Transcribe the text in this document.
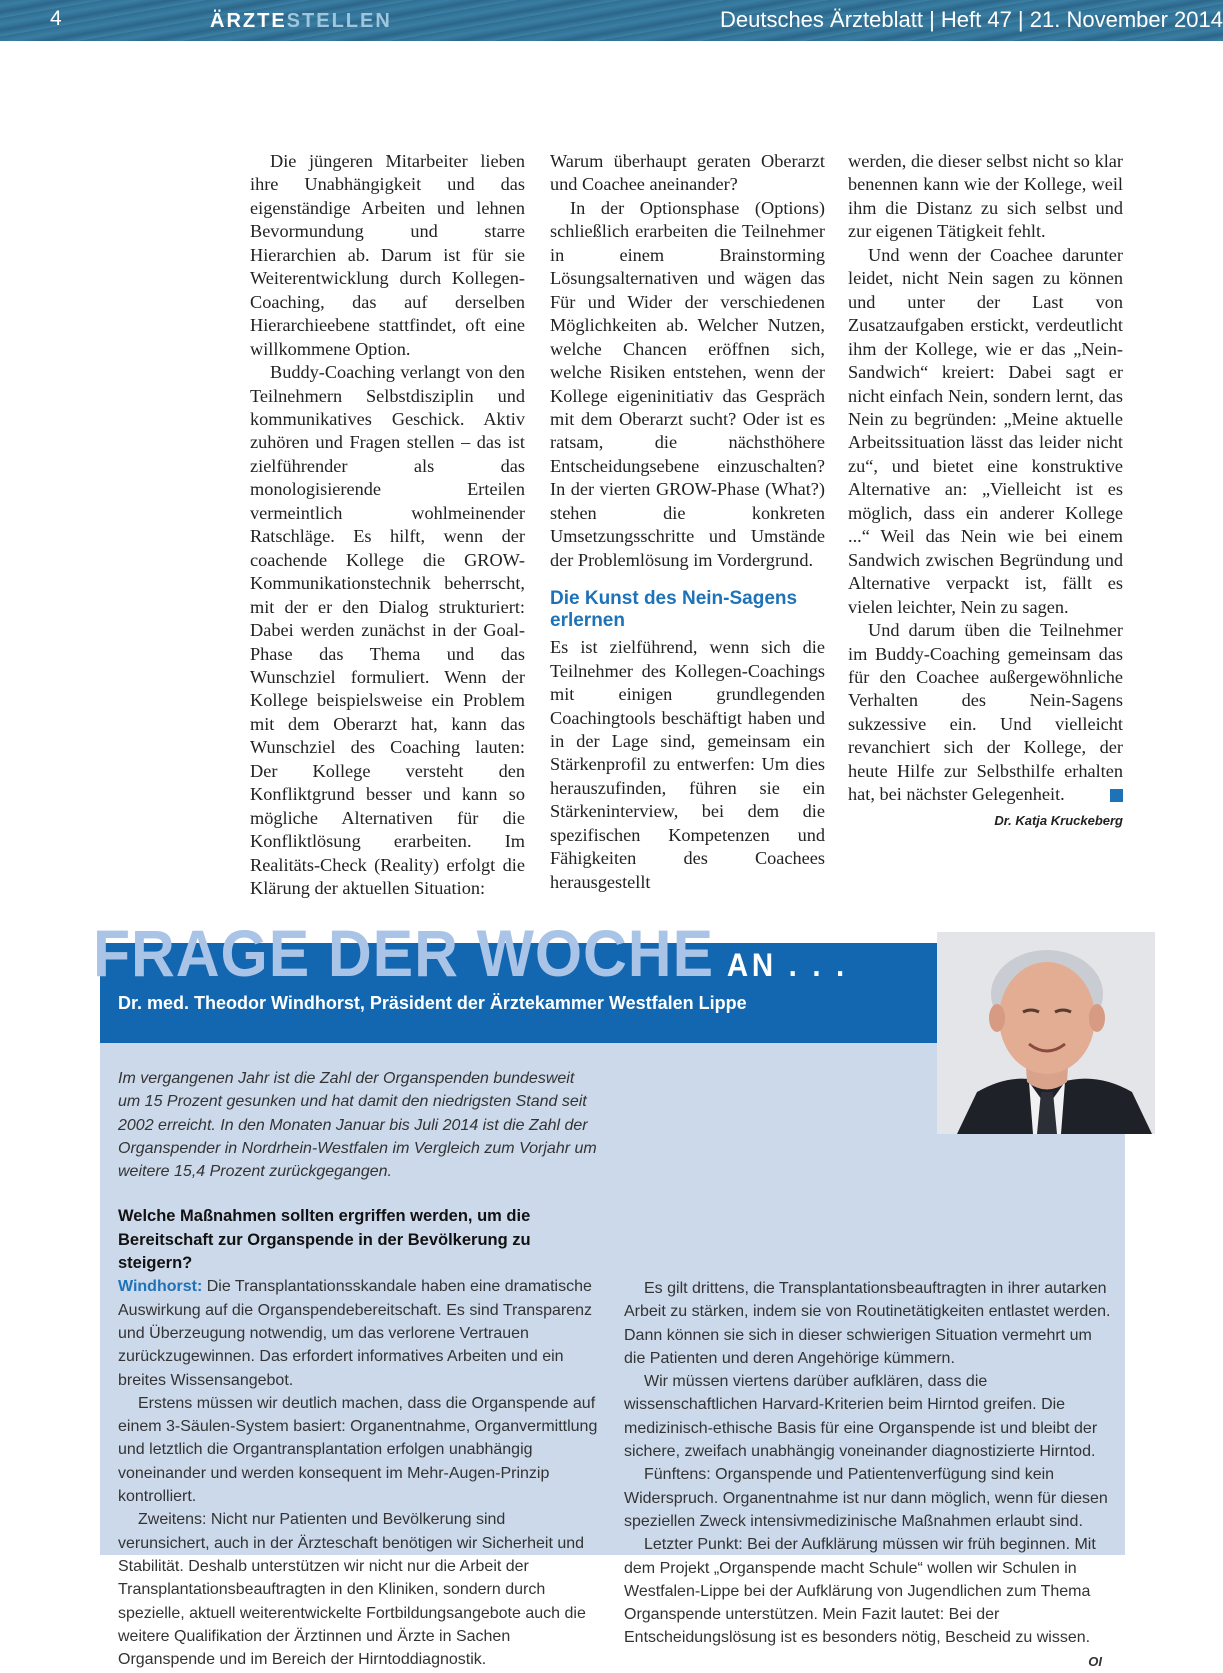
4	ÄRZTESTELLEN	Deutsches Ärzteblatt | Heft 47 | 21. November 2014

Die jüngeren Mitarbeiter lieben ihre Unabhängigkeit und das eigenständige Arbeiten und lehnen Bevormundung und starre Hierarchien ab. Darum ist für sie Weiterentwicklung durch Kollegen-Coaching, das auf derselben Hierarchieebene stattfindet, oft eine willkommene Option.

Buddy-Coaching verlangt von den Teilnehmern Selbstdisziplin und kommunikatives Geschick. Aktiv zuhören und Fragen stellen – das ist zielführender als das monologisierende Erteilen vermeintlich wohlmeinender Ratschläge. Es hilft, wenn der coachende Kollege die GROW-Kommunikationstechnik beherrscht, mit der er den Dialog strukturiert: Dabei werden zunächst in der Goal-Phase das Thema und das Wunschziel formuliert. Wenn der Kollege beispielsweise ein Problem mit dem Oberarzt hat, kann das Wunschziel des Coaching lauten: Der Kollege versteht den Konfliktgrund besser und kann so mögliche Alternativen für die Konfliktlösung erarbeiten. Im Realitäts-Check (Reality) erfolgt die Klärung der aktuellen Situation:

Warum überhaupt geraten Oberarzt und Coachee aneinander?

In der Optionsphase (Options) schließlich erarbeiten die Teilnehmer in einem Brainstorming Lösungsalternativen und wägen das Für und Wider der verschiedenen Möglichkeiten ab. Welcher Nutzen, welche Chancen eröffnen sich, welche Risiken entstehen, wenn der Kollege eigeninitiativ das Gespräch mit dem Oberarzt sucht? Oder ist es ratsam, die nächsthöhere Entscheidungsebene einzuschalten? In der vierten GROW-Phase (What?) stehen die konkreten Umsetzungsschritte und Umstände der Problemlösung im Vordergrund.

Die Kunst des Nein-Sagens erlernen

Es ist zielführend, wenn sich die Teilnehmer des Kollegen-Coachings mit einigen grundlegenden Coachingtools beschäftigt haben und in der Lage sind, gemeinsam ein Stärkenprofil zu entwerfen: Um dies herauszufinden, führen sie ein Stärkeninterview, bei dem die spezifischen Kompetenzen und Fähigkeiten des Coachees herausgestellt

werden, die dieser selbst nicht so klar benennen kann wie der Kollege, weil ihm die Distanz zu sich selbst und zur eigenen Tätigkeit fehlt.

Und wenn der Coachee darunter leidet, nicht Nein sagen zu können und unter der Last von Zusatzaufgaben erstickt, verdeutlicht ihm der Kollege, wie er das „Nein-Sandwich“ kreiert: Dabei sagt er nicht einfach Nein, sondern lernt, das Nein zu begründen: „Meine aktuelle Arbeitssituation lässt das leider nicht zu“, und bietet eine konstruktive Alternative an: „Vielleicht ist es möglich, dass ein anderer Kollege ...“ Weil das Nein wie bei einem Sandwich zwischen Begründung und Alternative verpackt ist, fällt es vielen leichter, Nein zu sagen.

Und darum üben die Teilnehmer im Buddy-Coaching gemeinsam das für den Coachee außergewöhnliche Verhalten des Nein-Sagens sukzessive ein. Und vielleicht revanchiert sich der Kollege, der heute Hilfe zur Selbsthilfe erhalten hat, bei nächster Gelegenheit.

Dr. Katja Kruckeberg
FRAGE DER WOCHE AN . . .
Dr. med. Theodor Windhorst, Präsident der Ärztekammer Westfalen Lippe

Im vergangenen Jahr ist die Zahl der Organspenden bundesweit um 15 Prozent gesunken und hat damit den niedrigsten Stand seit 2002 erreicht. In den Monaten Januar bis Juli 2014 ist die Zahl der Organspender in Nordrhein-Westfalen im Vergleich zum Vorjahr um weitere 15,4 Prozent zurückgegangen.

Welche Maßnahmen sollten ergriffen werden, um die Bereitschaft zur Organspende in der Bevölkerung zu steigern?

Windhorst: Die Transplantationsskandale haben eine dramatische Auswirkung auf die Organspendebereitschaft. Es sind Transparenz und Überzeugung notwendig, um das verlorene Vertrauen zurückzugewinnen. Das erfordert informatives Arbeiten und ein breites Wissensangebot.

Erstens müssen wir deutlich machen, dass die Organspende auf einem 3-Säulen-System basiert: Organentnahme, Organvermittlung und letztlich die Organtransplantation erfolgen unabhängig voneinander und werden konsequent im Mehr-Augen-Prinzip kontrolliert.

Zweitens: Nicht nur Patienten und Bevölkerung sind verunsichert, auch in der Ärzteschaft benötigen wir Sicherheit und Stabilität. Deshalb unterstützen wir nicht nur die Arbeit der Transplantationsbeauftragten in den Kliniken, sondern durch spezielle, aktuell weiterentwickelte Fortbildungsangebote auch die weitere Qualifikation der Ärztinnen und Ärzte in Sachen Organspende und im Bereich der Hirntoddiagnostik.

Es gilt drittens, die Transplantationsbeauftragten in ihrer autarken Arbeit zu stärken, indem sie von Routinetätigkeiten entlastet werden. Dann können sie sich in dieser schwierigen Situation vermehrt um die Patienten und deren Angehörige kümmern.

Wir müssen viertens darüber aufklären, dass die wissenschaftlichen Harvard-Kriterien beim Hirntod greifen. Die medizinisch-ethische Basis für eine Organspende ist und bleibt der sichere, zweifach unabhängig voneinander diagnostizierte Hirntod.

Fünftens: Organspende und Patientenverfügung sind kein Widerspruch. Organentnahme ist nur dann möglich, wenn für diesen speziellen Zweck intensivmedizinische Maßnahmen erlaubt sind.

Letzter Punkt: Bei der Aufklärung müssen wir früh beginnen. Mit dem Projekt „Organspende macht Schule“ wollen wir Schulen in Westfalen-Lippe bei der Aufklärung von Jugendlichen zum Thema Organspende unterstützen. Mein Fazit lautet: Bei der Entscheidungslösung ist es besonders nötig, Bescheid zu wissen.
OI
